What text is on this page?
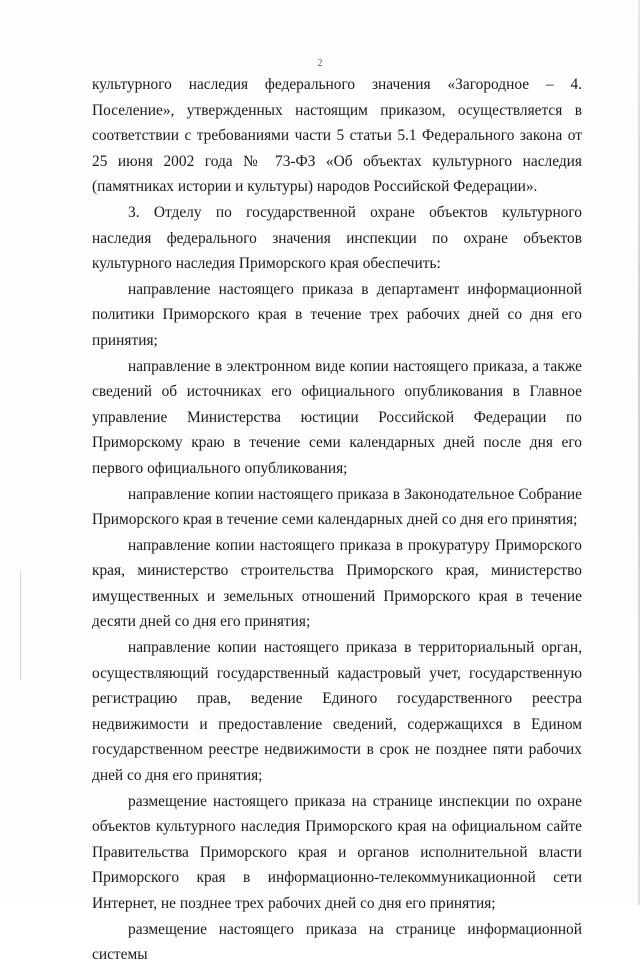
2

культурного наследия федерального значения «Загородное – 4. Поселение», утвержденных настоящим приказом, осуществляется в соответствии с требованиями части 5 статьи 5.1 Федерального закона от 25 июня 2002 года № 73-ФЗ «Об объектах культурного наследия (памятниках истории и культуры) народов Российской Федерации».

3. Отделу по государственной охране объектов культурного наследия федерального значения инспекции по охране объектов культурного наследия Приморского края обеспечить:

направление настоящего приказа в департамент информационной политики Приморского края в течение трех рабочих дней со дня его принятия;

направление в электронном виде копии настоящего приказа, а также сведений об источниках его официального опубликования в Главное управление Министерства юстиции Российской Федерации по Приморскому краю в течение семи календарных дней после дня его первого официального опубликования;

направление копии настоящего приказа в Законодательное Собрание Приморского края в течение семи календарных дней со дня его принятия;

направление копии настоящего приказа в прокуратуру Приморского края, министерство строительства Приморского края, министерство имущественных и земельных отношений Приморского края в течение десяти дней со дня его принятия;

направление копии настоящего приказа в территориальный орган, осуществляющий государственный кадастровый учет, государственную регистрацию прав, ведение Единого государственного реестра недвижимости и предоставление сведений, содержащихся в Едином государственном реестре недвижимости в срок не позднее пяти рабочих дней со дня его принятия;

размещение настоящего приказа на странице инспекции по охране объектов культурного наследия Приморского края на официальном сайте Правительства Приморского края и органов исполнительной власти Приморского края в информационно-телекоммуникационной сети Интернет, не позднее трех рабочих дней со дня его принятия;

размещение настоящего приказа на странице информационной системы
